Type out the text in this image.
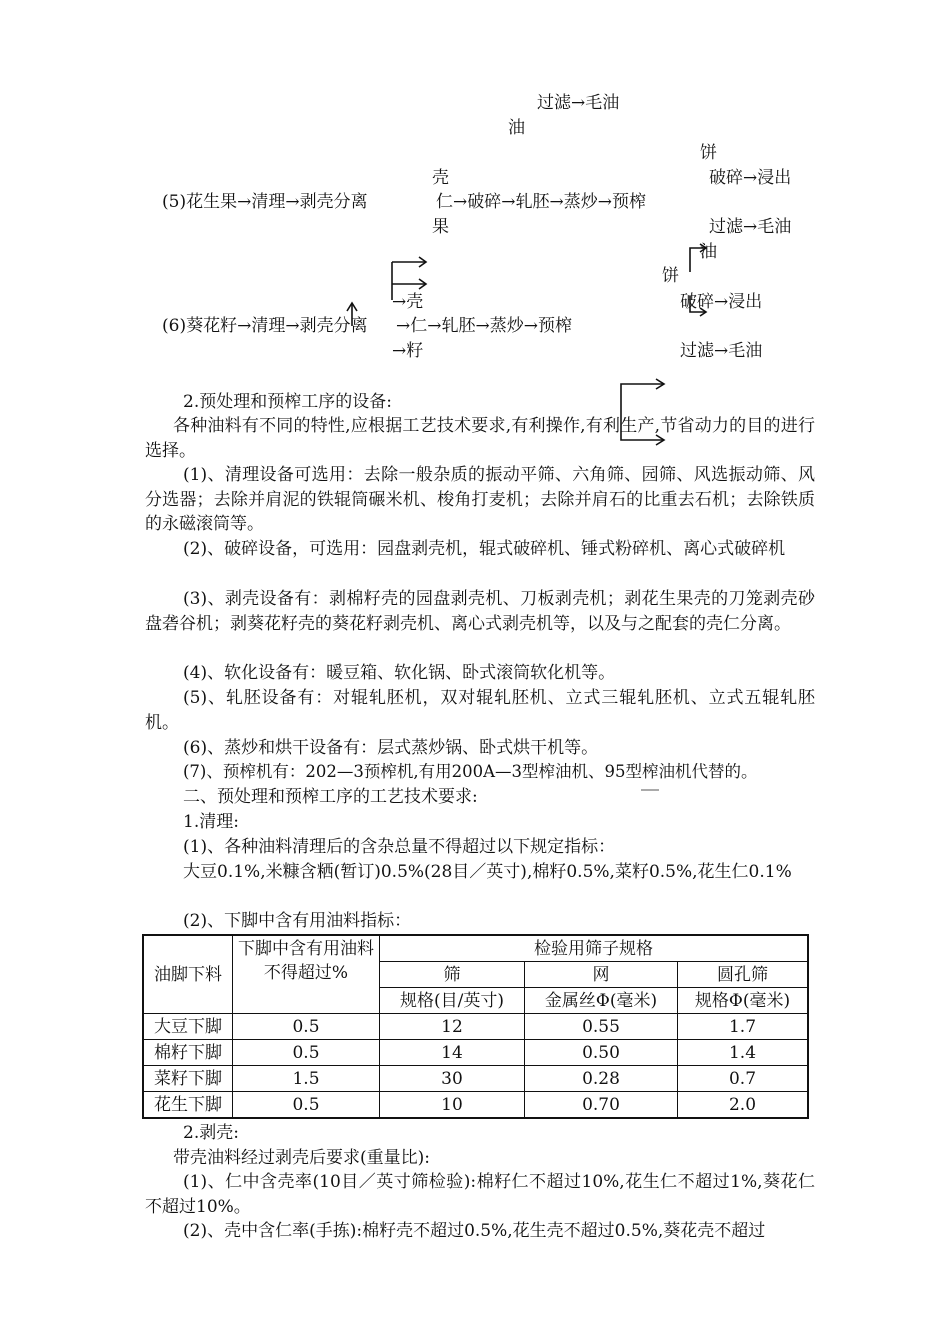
过滤→毛油
油
饼
壳	破碎→浸出
(5)花生果→清理→剥壳分离	仁→破碎→轧胚→蒸炒→预榨
果	过滤→毛油
油
饼
→壳	破碎→浸出
(6)葵花籽→清理→剥壳分离 →仁→轧胚→蒸炒→预榨
→籽	过滤→毛油
2.预处理和预榨工序的设备:
各种油料有不同的特性,应根据工艺技术要求,有利操作,有利生产,节省动力的目的进行选择。
(1)、清理设备可选用：去除一般杂质的振动平筛、六角筛、园筛、风选振动筛、风分选器；去除并肩泥的铁辊筒碾米机、梭角打麦机；去除并肩石的比重去石机；去除铁质的永磁滚筒等。
(2)、破碎设备，可选用：园盘剥壳机，辊式破碎机、锤式粉碎机、离心式破碎机
(3)、剥壳设备有：剥棉籽壳的园盘剥壳机、刀板剥壳机；剥花生果壳的刀笼剥壳砂盘砻谷机；剥葵花籽壳的葵花籽剥壳机、离心式剥壳机等，以及与之配套的壳仁分离。
(4)、软化设备有：暖豆箱、软化锅、卧式滚筒软化机等。
(5)、轧胚设备有：对辊轧胚机，双对辊轧胚机、立式三辊轧胚机、立式五辊轧胚机。
(6)、蒸炒和烘干设备有：层式蒸炒锅、卧式烘干机等。
(7)、预榨机有：202—3预榨机,有用200A—3型榨油机、95型榨油机代替的。
二、预处理和预榨工序的工艺技术要求:
1.清理:
(1)、各种油料清理后的含杂总量不得超过以下规定指标：
大豆0.1%,米糠含粞(暂订)0.5%(28目／英寸),棉籽0.5%,菜籽0.5%,花生仁0.1%
(2)、下脚中含有用油料指标：
油脚下料	下脚中含有用油料不得超过%	检验用筛子规格		
		筛	网	圆孔筛
		规格(目/英寸)	金属丝Φ(毫米)	规格Φ(毫米)
大豆下脚	0.5	12	0.55	1.7
棉籽下脚	0.5	14	0.50	1.4
菜籽下脚	1.5	30	0.28	0.7
花生下脚	0.5	10	0.70	2.0
2.剥壳:
带壳油料经过剥壳后要求(重量比):
(1)、仁中含壳率(10目／英寸筛检验):棉籽仁不超过10%,花生仁不超过1%,葵花仁不超过10%。
(2)、壳中含仁率(手拣):棉籽壳不超过0.5%,花生壳不超过0.5%,葵花壳不超过
